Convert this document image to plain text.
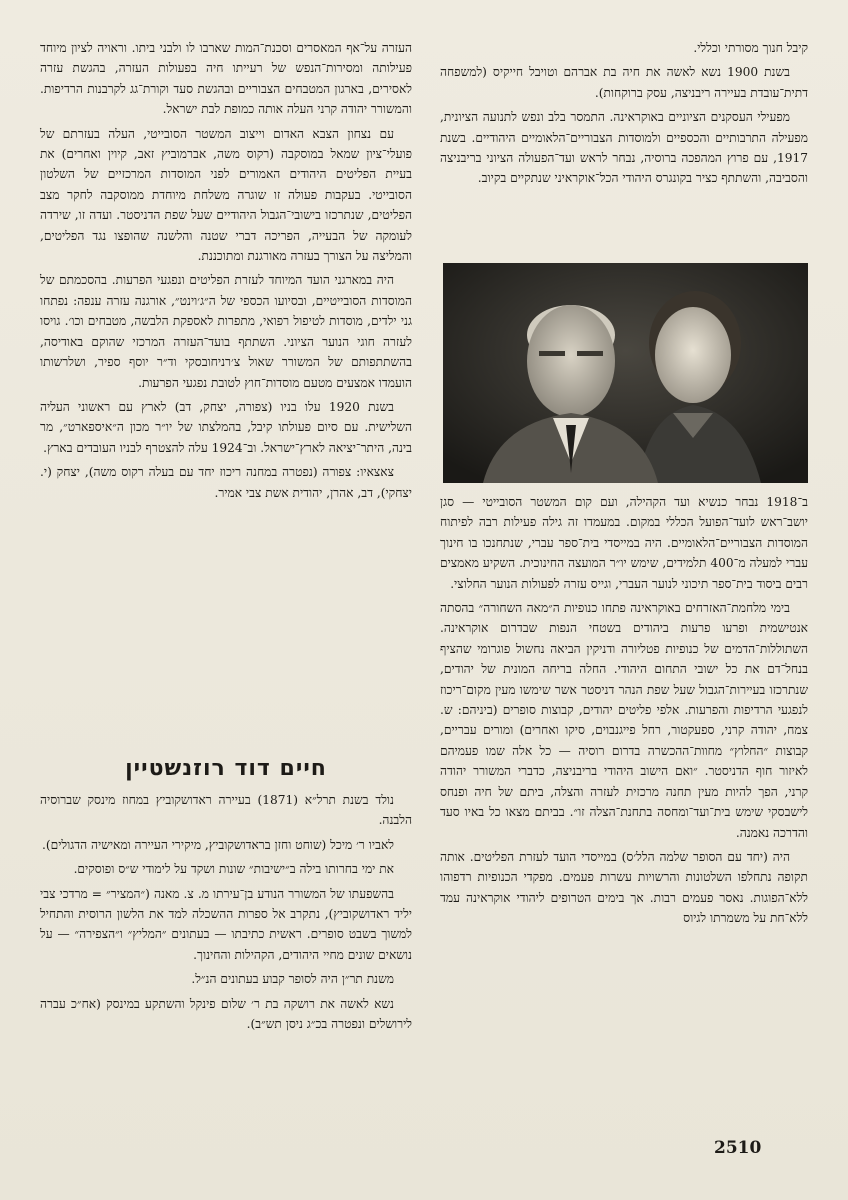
קיבל חנוך מסורתי וכללי.

בשנת 1900 נשא לאשה את חיה בת אברהם וטויבל חייקיס (למשפחה דתית־עובדת בעיירה ריבניצה, עסק ברוקחות).

מפעילי העסקנים הציוניים באוקראינה. התמסר בלב ונפש לתנועה הציונית, מפעילה התרבותיים והכספיים ולמוסדות הצבוריים־הלאומיים היהודיים. בשנת 1917, עם פרוץ המהפכה ברוסיה, נבחר לראש ועד־הפעולה הציוני בריבניצה והסביבה, והשתתף כציר בקונגרס היהודי הכל־אוקראיני שנתקיים בקיוב.

ב־1918 נבחר כנשיא ועד הקהילה, ועם קום המשטר הסובייטי — סגן יושב־ראש לועד־הפועל הכללי במקום. במעמדו זה גילה פעילות רבה לפיתוח המוסדות הצבוריים־הלאומיים. היה במייסדי בית־ספר עברי, שנתחנכו בו חינוך עברי למעלה מ־400 תלמידים, שימש יו״ר המועצה החינוכית. השקיע מאמצים רבים ביסוד בית־ספר תיכוני לנוער העברי, וגייס עזרה לפעולות הנוער החלוצי.

בימי מלחמת־האזרחים באוקראינה פתחו כנופיות ה״מאה השחורה״ בהסתה אנטישמית ופרעו פרעות ביהודים בשטחי הנפות שבדרום אוקראינה. השתוללות־הדמים של כנופיות פטליורה ודניקין הביאה נחשול פוגרומי שהציף בנחל־דם את כל ישובי התחום היהודי. החלה בריחה המונית של יהודים, שנתרכזו בעיירות־הגבול שעל שפת הנהר דניסטר אשר שימשו מעין מקום־ריכוז לנפגעי הרדיפות והפרעות. אלפי פליטים יהודים, קבוצות סופרים (ביניהם: ש. צמח, יהודה קרני, ספעקטור, רחל פייגנבוים, סיקו ואחרים) ומורים עבריים, קבוצות ״החלוץ״ מחוות־ההכשרה בדרום רוסיה — כל אלה שמו פעמיהם לאיזור חוף הדניסטר. ״ואם הישוב היהודי בריבניצה, כדברי המשורר יהודה קרני, הפך להיות מעין תחנה מרכזית לעזרה והצלה, ביתם של חיה ופנחס לישבסקי שימש בית־ועד־ומחסה בתחנת־הצלה זו״. בביתם מצאו כל באיו סעד והדרכה נאמנה.

היה (יחד עם הסופר שלמה הלל׳ס) במייסדי הועד לעזרת הפליטים. אותה תקופה נתחלפו השלטונות והרשויות עשרות פעמים. מפקדי הכנופיות רדפוהו ללא־הפוגות. נאסר פעמים רבות. אך בימים הטרופים ליהודי אוקראינה עמד ללא־חת על משמרתו לגיוס

העזרה על־אף המאסרים וסכנת־המות שארבו לו ולבני ביתו. וראויה לציון מיוחד פעילותה ומסירות־הנפש של רעייתו חיה בפעולות העזרה, בהגשת עזרה לאסירים, בארגון המטבחים הצבוריים ובהגשת סעד וקורת־גג לקרבנות הרדיפות. והמשורר יהודה קרני העלה אותה כמופת לבת ישראל.

עם נצחון הצבא האדום וייצוב המשטר הסובייטי, העלה בעזרתם של פועלי־ציון שמאל במוסקבה (רקוס משה, אברמוביץ זאב, קיוין ואחרים) את בעיית הפליטים היהודים האמורים לפני המוסדות המרכזיים של השלטון הסובייטי. בעקבות פעולה זו שוגרה משלחת מיוחדת ממוסקבה לחקר מצב הפליטים, שנתרכזו בישובי־הגבול היהודיים שעל שפת הדניסטר. ועדה זו, שירדה לעומקה של הבעייה, הפריכה דברי שטנה והלשנה שהופצו נגד הפליטים, והמליצה על הצורך בעזרה מאורגנת ומתוכננת.

היה במארגני הועד המיוחד לעזרת הפליטים ונפגעי הפרעות. בהסכמתם של המוסדות הסובייטיים, ובסיועו הכספי של ה״ג׳וינט״, אורגנה עזרה ענפה: נפתחו גני ילדים, מוסדות לטיפול רפואי, מתפרות לאספקת הלבשה, מטבחים וכו׳. גויסו לעזרה חוגי הנוער הציוני. השתתף בועד־העזרה המרכזי שהוקם באודיסה, בהשתתפותם של המשורר שאול צ׳רניחובסקי וד״ר יוסף ספיר, ושלרשותו הועמדו אמצעים מטעם מוסדות־חוץ לטובת נפגעי הפרעות.

בשנת 1920 עלו בניו (צפורה, יצחק, דב) לארץ עם ראשוני העליה השלישית. עם סיום פעולתו קיבל, בהמלצתו של יו״ר מכון ה״איספארט״, מר בינה, היתר־יציאה לארץ־ישראל. וב־1924 עלה להצטרף לבניו העובדים בארץ.

צאצאיו: צפורה (נפטרה במחנה ריכוז יחד עם בעלה רקוס משה), יצחק (י. יצחקי), דב, אהרן, יהודית אשת צבי אמיר.

חיים דוד רוזנשטיין

נולד בשנת תרל״א (1871) בעיירה ראדושקוביץ במחוז מינסק שברוסיה הלבנה.

לאביו ר׳ מיכל (שוחט וחזן בראדושקוביץ, מיקירי העיירה ומאישיה הדגולים).

את ימי בחרותו בילה ב״ישיבות״ שונות ושקד על לימודי ש״ס ופוסקים.

בהשפעתו של המשורר הנודע בן־עירתו מ. צ. מאנה (״המציר״ = מרדכי צבי יליד ראדושקוביץ), נתקרב אל ספרות ההשכלה למד את הלשון הרוסית והתחיל למשוך בשבט סופרים. ראשית כתיבתו — בעתונים ״המליץ״ ו״הצפירה״ — על נושאים שונים מחיי היהודים, הקהילות והחינוך.

משנת תר״ן היה לסופר קבוע בעתונים הנ״ל.

נשא לאשה את רושקה בת ר׳ שלום פינקל והשתקע במינסק (אח״כ עברה לירושלים ונפטרה בכ״ג ניסן תש״ב).

2510
